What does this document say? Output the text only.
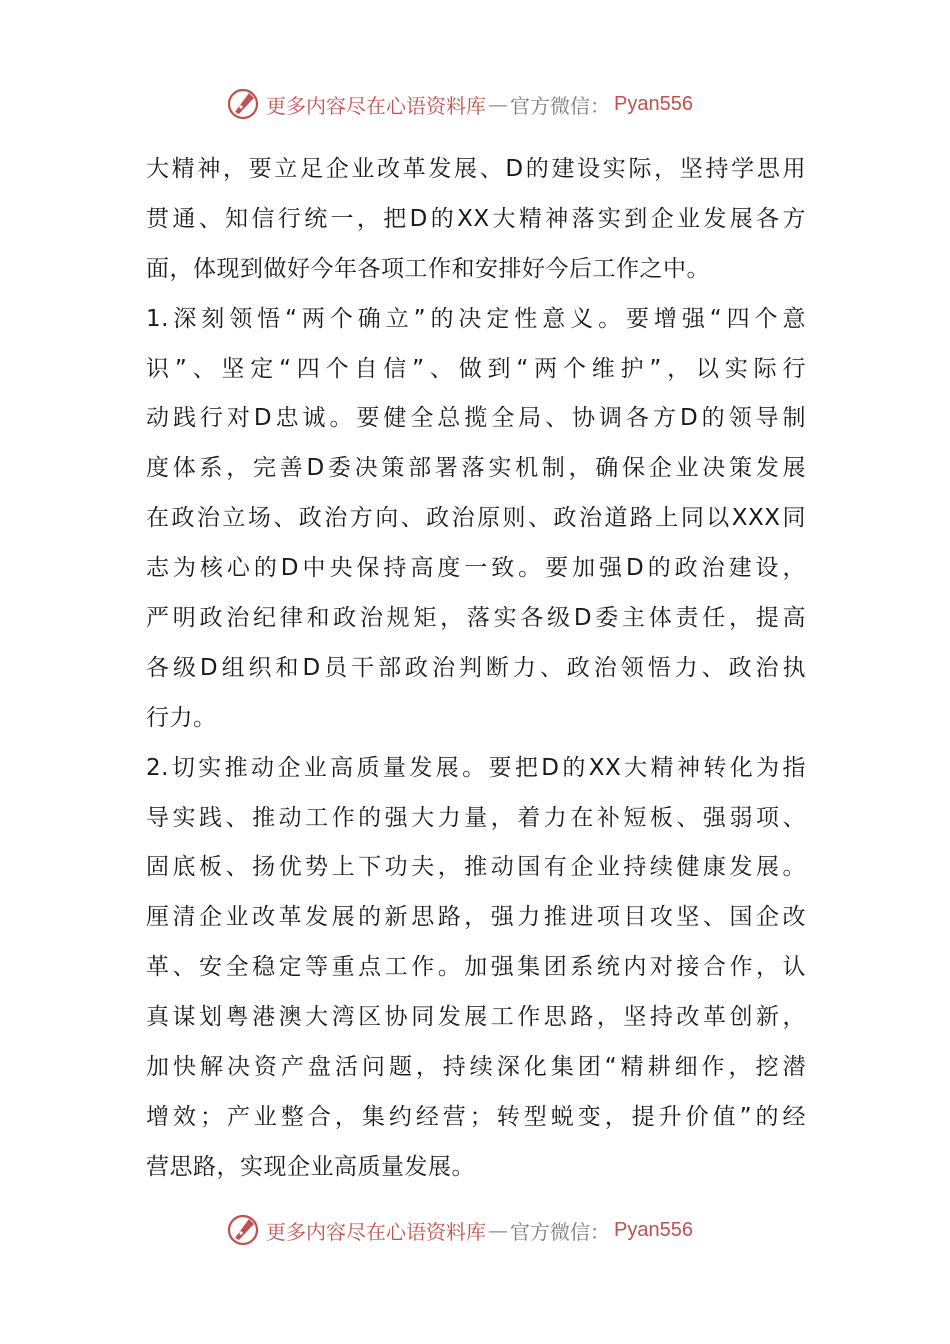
更多内容尽在心语资料库 — 官方微信： Pyan556
大精神，要立足企业改革发展、D的建设实际，坚持学思用
贯通、知信行统一，把D的XX大精神落实到企业发展各方
面，体现到做好今年各项工作和安排好今后工作之中。
1.深刻领悟“两个确立”的决定性意义。要增强“四个意
识”、坚定“四个自信”、做到“两个维护”，以实际行
动践行对D忠诚。要健全总揽全局、协调各方D的领导制
度体系，完善D委决策部署落实机制，确保企业决策发展
在政治立场、政治方向、政治原则、政治道路上同以XXX同
志为核心的D中央保持高度一致。要加强D的政治建设，
严明政治纪律和政治规矩，落实各级D委主体责任，提高
各级D组织和D员干部政治判断力、政治领悟力、政治执
行力。
2.切实推动企业高质量发展。要把D的XX大精神转化为指
导实践、推动工作的强大力量，着力在补短板、强弱项、
固底板、扬优势上下功夫，推动国有企业持续健康发展。
厘清企业改革发展的新思路，强力推进项目攻坚、国企改
革、安全稳定等重点工作。加强集团系统内对接合作，认
真谋划粤港澳大湾区协同发展工作思路，坚持改革创新，
加快解决资产盘活问题，持续深化集团“精耕细作，挖潜
增效；产业整合，集约经营；转型蜕变，提升价值”的经
营思路，实现企业高质量发展。
更多内容尽在心语资料库 — 官方微信： Pyan556
